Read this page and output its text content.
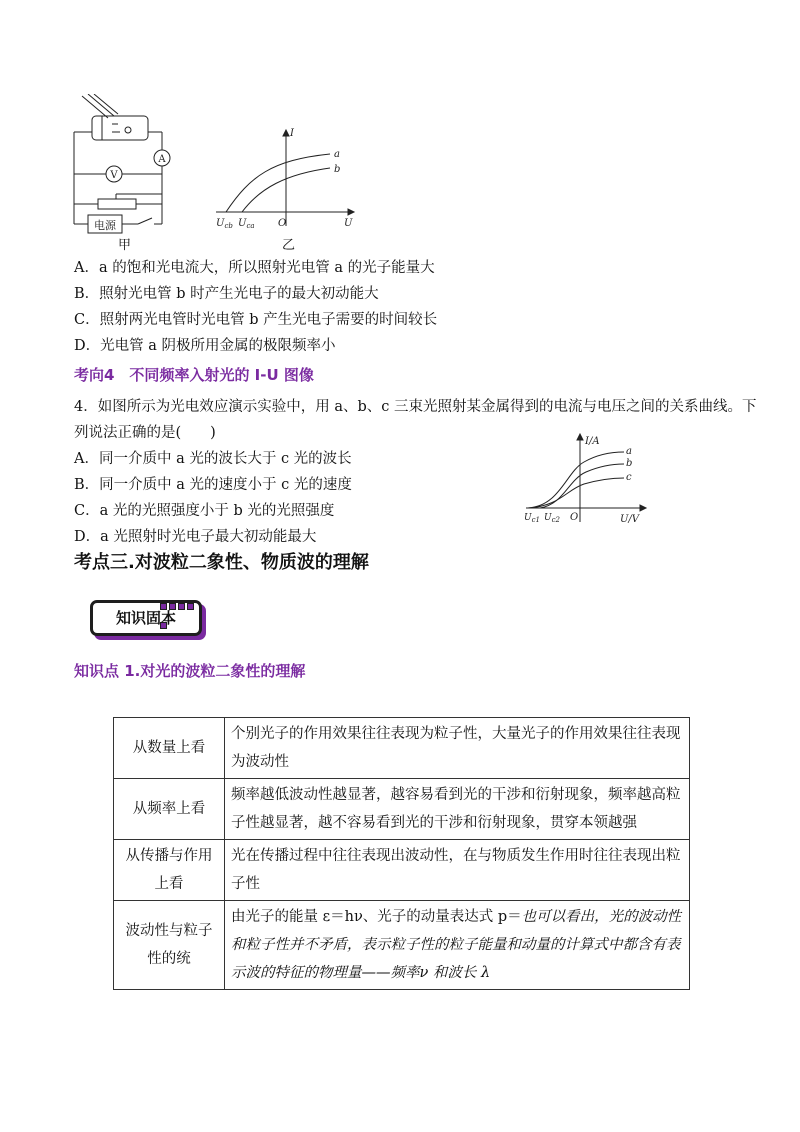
A
V
电源
甲
I
U
O
a
b
$U_{cb}$ $U_{ca}$
乙
A．a 的饱和光电流大，所以照射光电管 a 的光子能量大
B．照射光电管 b 时产生光电子的最大初动能大
C．照射两光电管时光电管 b 产生光电子需要的时间较长
D．光电管 a 阴极所用金属的极限频率小
考向4　不同频率入射光的 I-U 图像
4．如图所示为光电效应演示实验中，用 a、b、c 三束光照射某金属得到的电流与电压之间的关系曲线。下
列说法正确的是(　　)
A．同一介质中 a 光的波长大于 c 光的波长
B．同一介质中 a 光的速度小于 c 光的速度
C．a 光的光照强度小于 b 光的光照强度
D．a 光照射时光电子最大初动能最大
I/A
U/V
O
a
b
c
$U_{c1}$ $U_{c2}$
考点三.对波粒二象性、物质波的理解
知识固本
知识点 1.对光的波粒二象性的理解
从数量上看	个别光子的作用效果往往表现为粒子性，大量光子的作用效果往往表现为波动性
从频率上看	频率越低波动性越显著，越容易看到光的干涉和衍射现象，频率越高粒子性越显著，越不容易看到光的干涉和衍射现象，贯穿本领越强
从传播与作用上看	光在传播过程中往往表现出波动性，在与物质发生作用时往往表现出粒子性
波动性与粒子性的统	由光子的能量 ε＝hν、光子的动量表达式 p＝也可以看出，光的波动性和粒子性并不矛盾，表示粒子性的粒子能量和动量的计算式中都含有表示波的特征的物理量——频率ν 和波长 λ
